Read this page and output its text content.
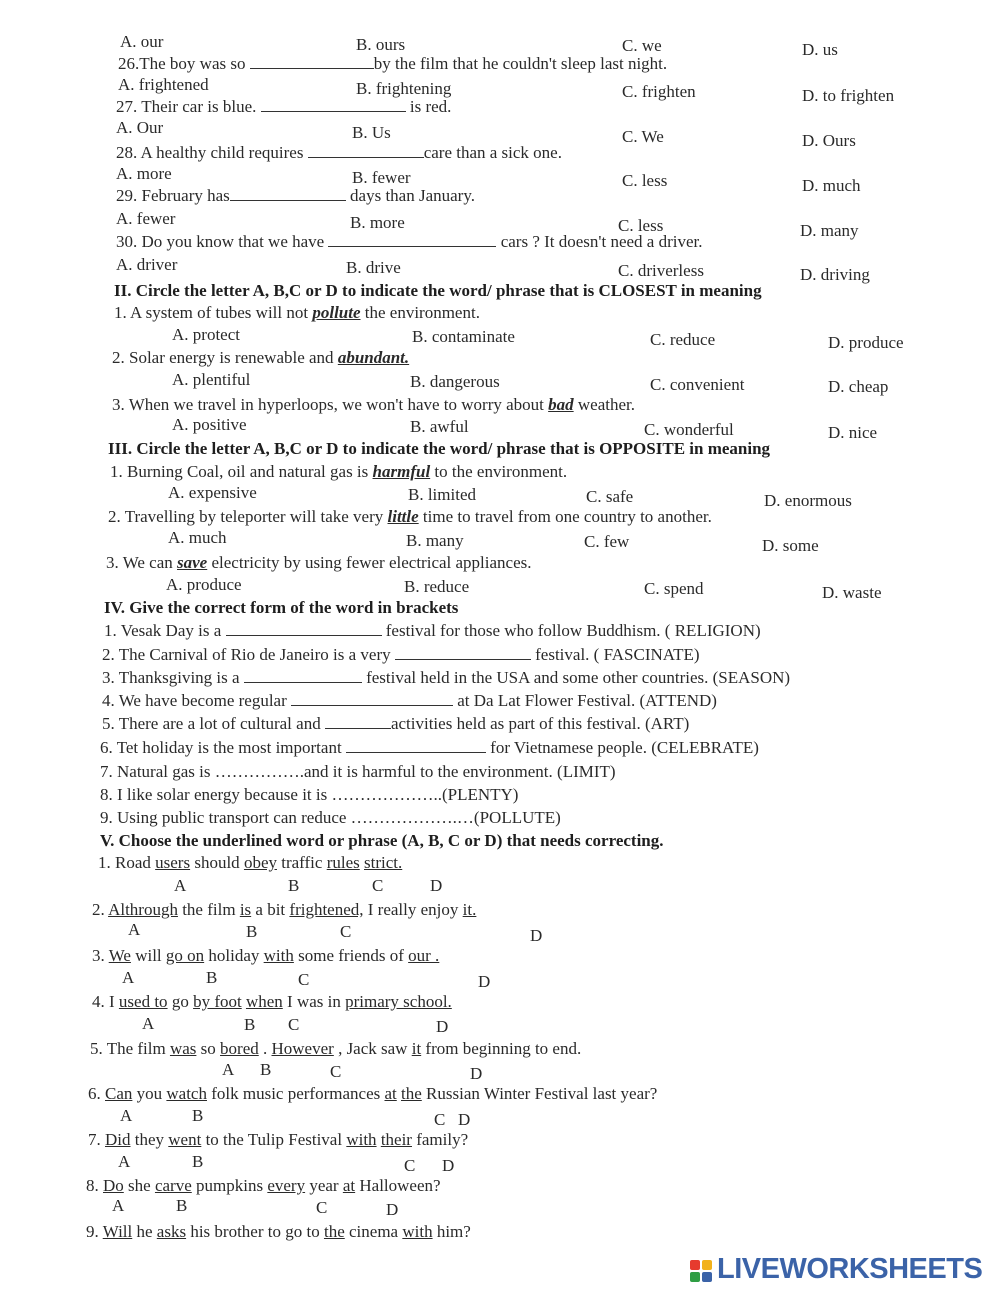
A. our	B. ours	C. we	D. us
26.The boy was so	by the film that he couldn't sleep last night.
A. frightened	B. frightening	C. frighten	D. to frighten
27. Their car is blue.	is red.
A. Our	B. Us	C. We	D. Ours
28. A healthy child requires	care than a sick one.
A. more	B. fewer	C. less	D. much
29. February has	days than January.
A. fewer	B. more	C. less	D. many
30. Do you know that we have	cars ? It doesn't need a driver.
A. driver	B. drive	C. driverless	D. driving
II. Circle the letter A, B,C or D to indicate the word/ phrase that is CLOSEST in meaning
1. A system of tubes will not pollute the environment.
A. protect	B. contaminate	C. reduce	D. produce
2. Solar energy is renewable and abundant.
A. plentiful	B. dangerous	C. convenient	D. cheap
3. When we travel in hyperloops, we won't have to worry about bad weather.
A. positive	B. awful	C. wonderful	D. nice
III. Circle the letter A, B,C or D to indicate the word/ phrase that is OPPOSITE in meaning
1. Burning Coal, oil and natural gas is harmful to the environment.
A. expensive	B. limited	C. safe	D. enormous
2. Travelling by teleporter will take very little time to travel from one country to another.
A. much	B. many	C. few	D. some
3. We can save electricity by using fewer electrical appliances.
A. produce	B. reduce	C. spend	D. waste
IV. Give the correct form of the word in brackets
1. Vesak Day is a	festival for those who follow Buddhism. ( RELIGION)
2. The Carnival of Rio de Janeiro is a very	festival. ( FASCINATE)
3. Thanksgiving is a	festival held in the USA and some other countries. (SEASON)
4. We have become regular	at Da Lat Flower Festival. (ATTEND)
5. There are a lot of cultural and	activities held as part of this festival. (ART)
6. Tet holiday is the most important	for Vietnamese people. (CELEBRATE)
7. Natural gas is …………….and it is harmful to the environment. (LIMIT)
8. I like solar energy because it is ………………..(PLENTY)
9. Using public transport can reduce ……………….…(POLLUTE)
V. Choose the underlined word or phrase (A, B, C or D) that needs correcting.
1. Road users should obey traffic rules strict.
A	B	C	D
2. Althrough the film is a bit frightened, I really enjoy it.
A	B	C	D
3. We will go on holiday with some friends of our .
A	B	C	D
4. I used to go by foot when I was in primary school.
A	B C	D
5. The film was so bored . However , Jack saw it from beginning to end.
A B	C	D
6. Can you watch folk music performances at the Russian Winter Festival last year?
A	B	C D
7. Did they went to the Tulip Festival with their family?
A	B	C D
8. Do she carve pumpkins every year at Halloween?
A	B	C	D
9. Will he asks his brother to go to the cinema with him?
LIVEWORKSHEETS
